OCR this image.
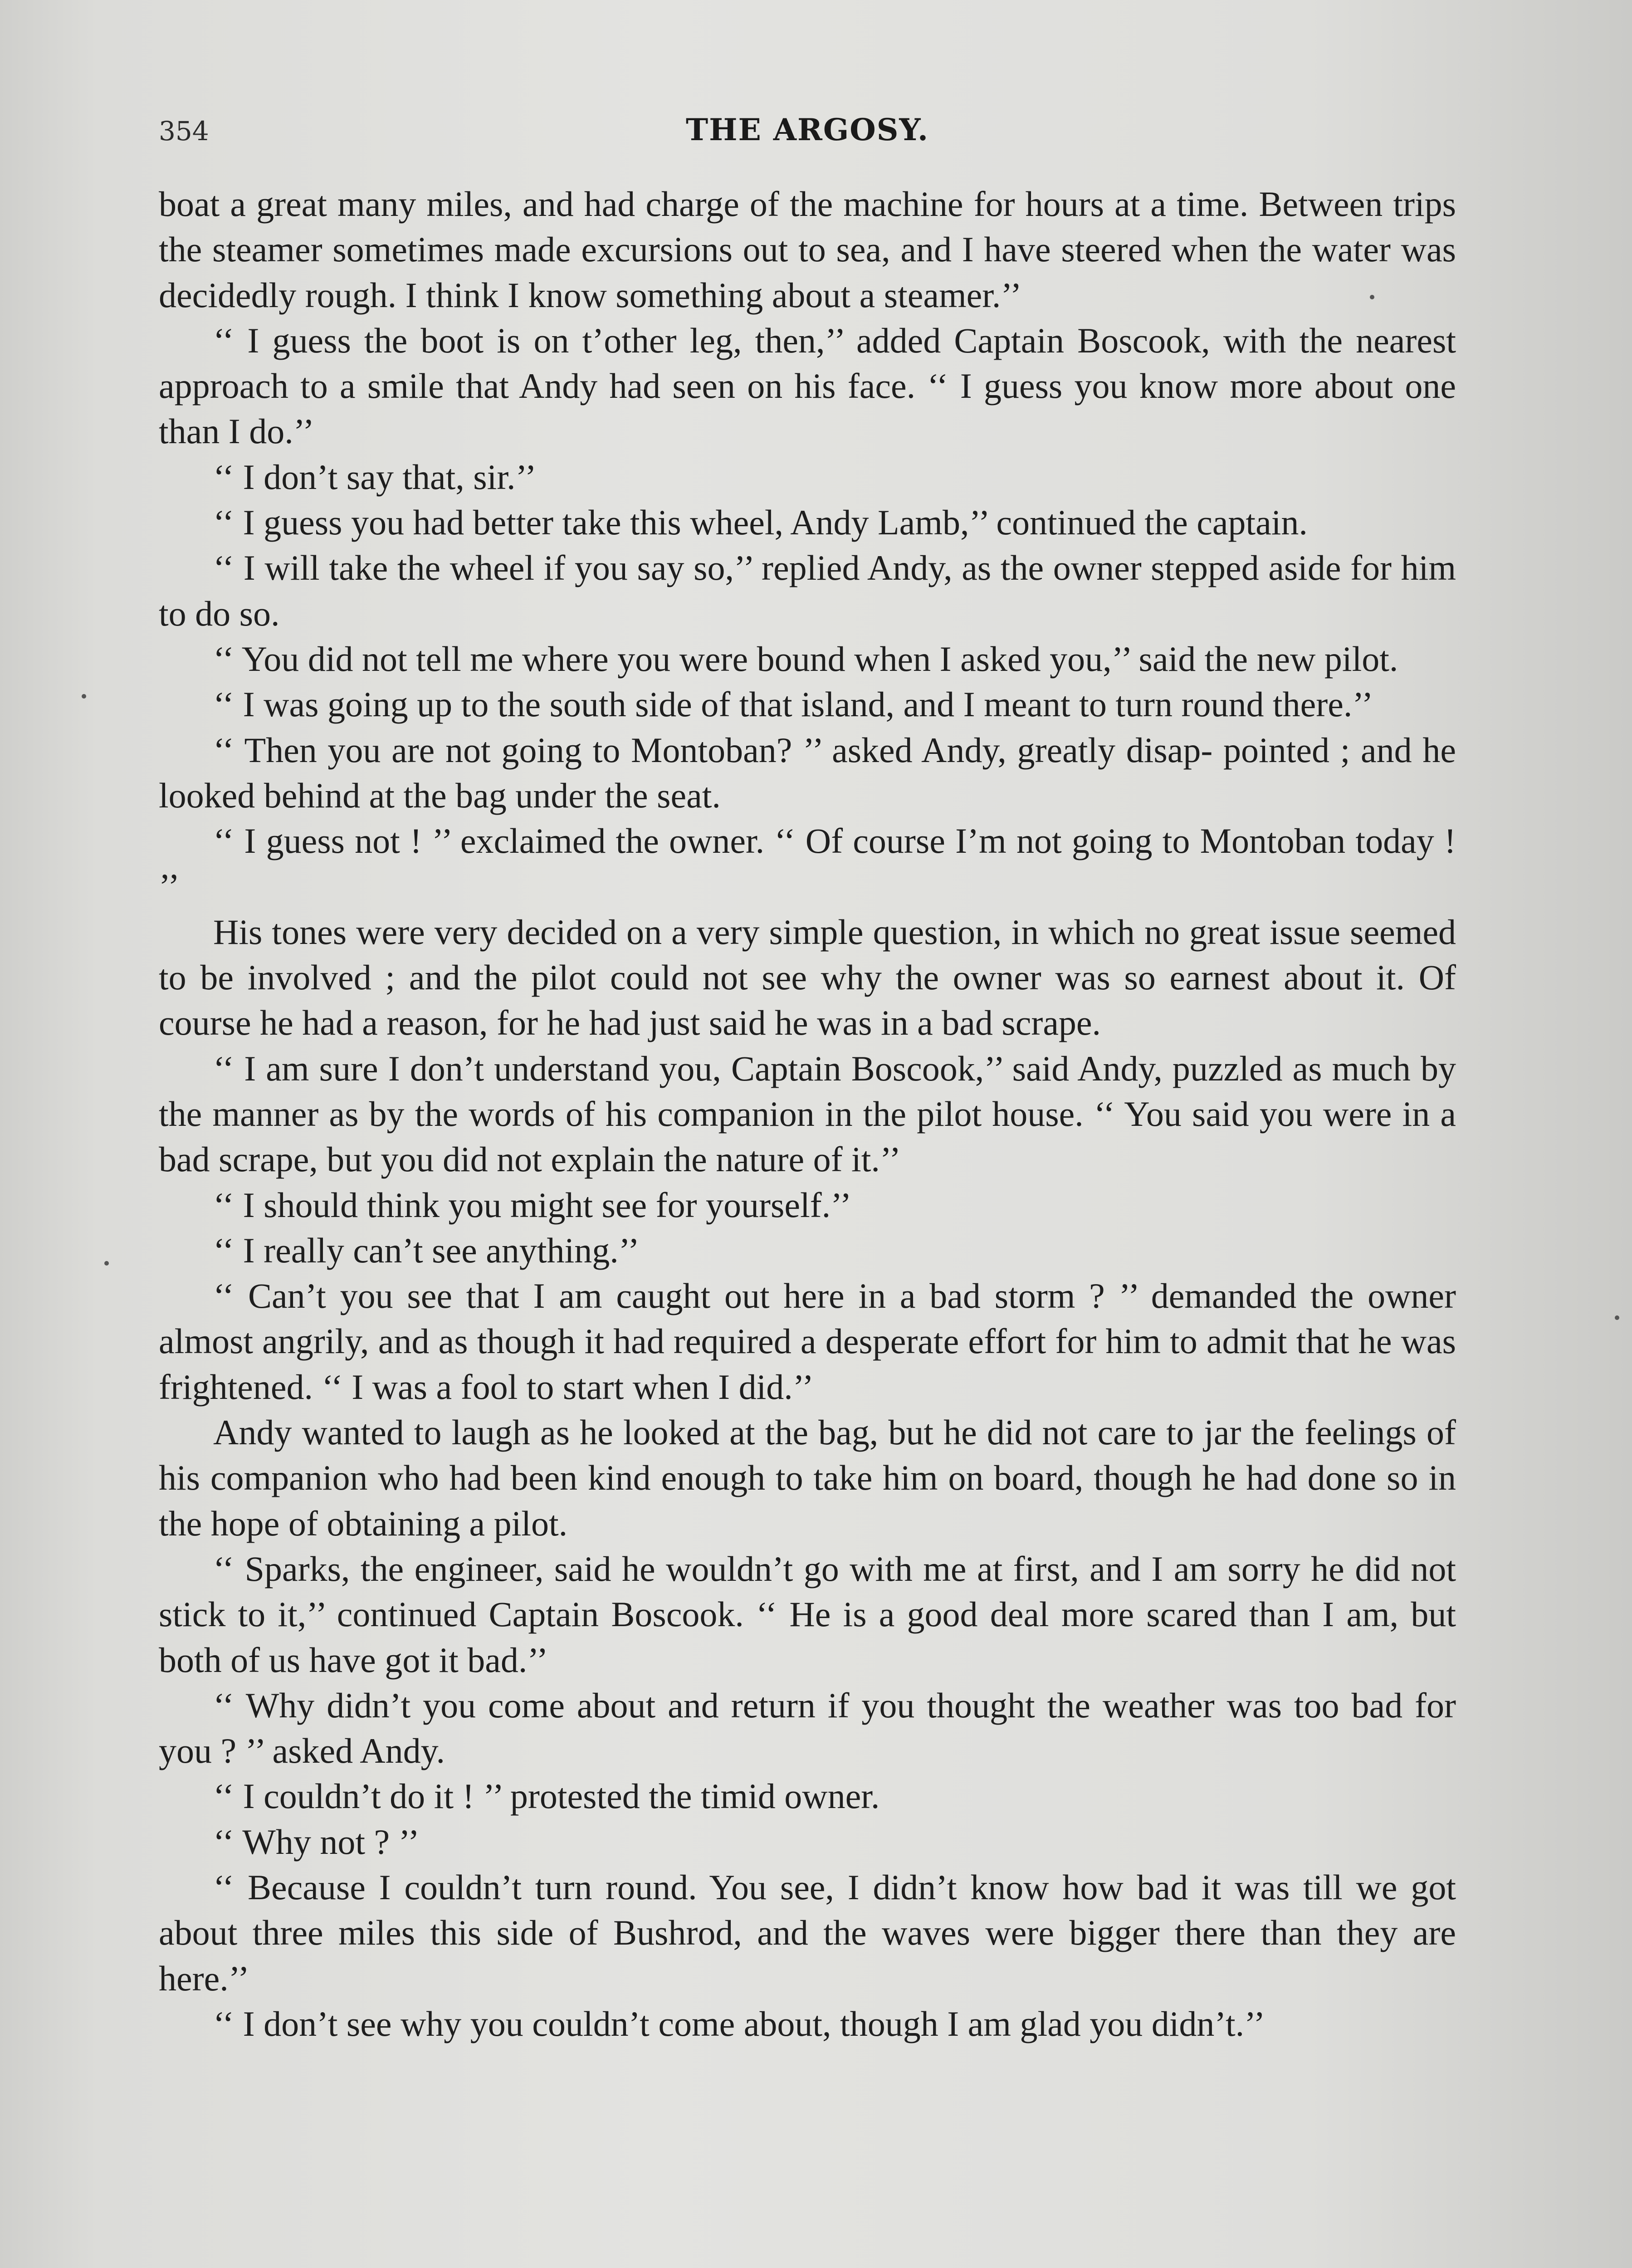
354	THE ARGOSY.

boat a great many miles, and had charge of the machine for hours at a time. Between trips the steamer sometimes made excursions out to sea, and I have steered when the water was decidedly rough. I think I know something about a steamer.’’

‘‘ I guess the boot is on t’other leg, then,’’ added Captain Boscook, with the nearest approach to a smile that Andy had seen on his face. ‘‘ I guess you know more about one than I do.’’

‘‘ I don’t say that, sir.’’

‘‘ I guess you had better take this wheel, Andy Lamb,’’ continued the captain.

‘‘ I will take the wheel if you say so,’’ replied Andy, as the owner stepped aside for him to do so.

‘‘ You did not tell me where you were bound when I asked you,’’ said the new pilot.

‘‘ I was going up to the south side of that island, and I meant to turn round there.’’

‘‘ Then you are not going to Montoban? ’’ asked Andy, greatly disap- pointed ; and he looked behind at the bag under the seat.

‘‘ I guess not ! ’’ exclaimed the owner. ‘‘ Of course I’m not going to Montoban today ! ’’

His tones were very decided on a very simple question, in which no great issue seemed to be involved ; and the pilot could not see why the owner was so earnest about it. Of course he had a reason, for he had just said he was in a bad scrape.

‘‘ I am sure I don’t understand you, Captain Boscook,’’ said Andy, puzzled as much by the manner as by the words of his companion in the pilot house. ‘‘ You said you were in a bad scrape, but you did not explain the nature of it.’’

‘‘ I should think you might see for yourself.’’

‘‘ I really can’t see anything.’’

‘‘ Can’t you see that I am caught out here in a bad storm ? ’’ demanded the owner almost angrily, and as though it had required a desperate effort for him to admit that he was frightened. ‘‘ I was a fool to start when I did.’’

Andy wanted to laugh as he looked at the bag, but he did not care to jar the feelings of his companion who had been kind enough to take him on board, though he had done so in the hope of obtaining a pilot.

‘‘ Sparks, the engineer, said he wouldn’t go with me at first, and I am sorry he did not stick to it,’’ continued Captain Boscook. ‘‘ He is a good deal more scared than I am, but both of us have got it bad.’’

‘‘ Why didn’t you come about and return if you thought the weather was too bad for you ? ’’ asked Andy.

‘‘ I couldn’t do it ! ’’ protested the timid owner.

‘‘ Why not ? ’’

‘‘ Because I couldn’t turn round. You see, I didn’t know how bad it was till we got about three miles this side of Bushrod, and the waves were bigger there than they are here.’’

‘‘ I don’t see why you couldn’t come about, though I am glad you didn’t.’’
